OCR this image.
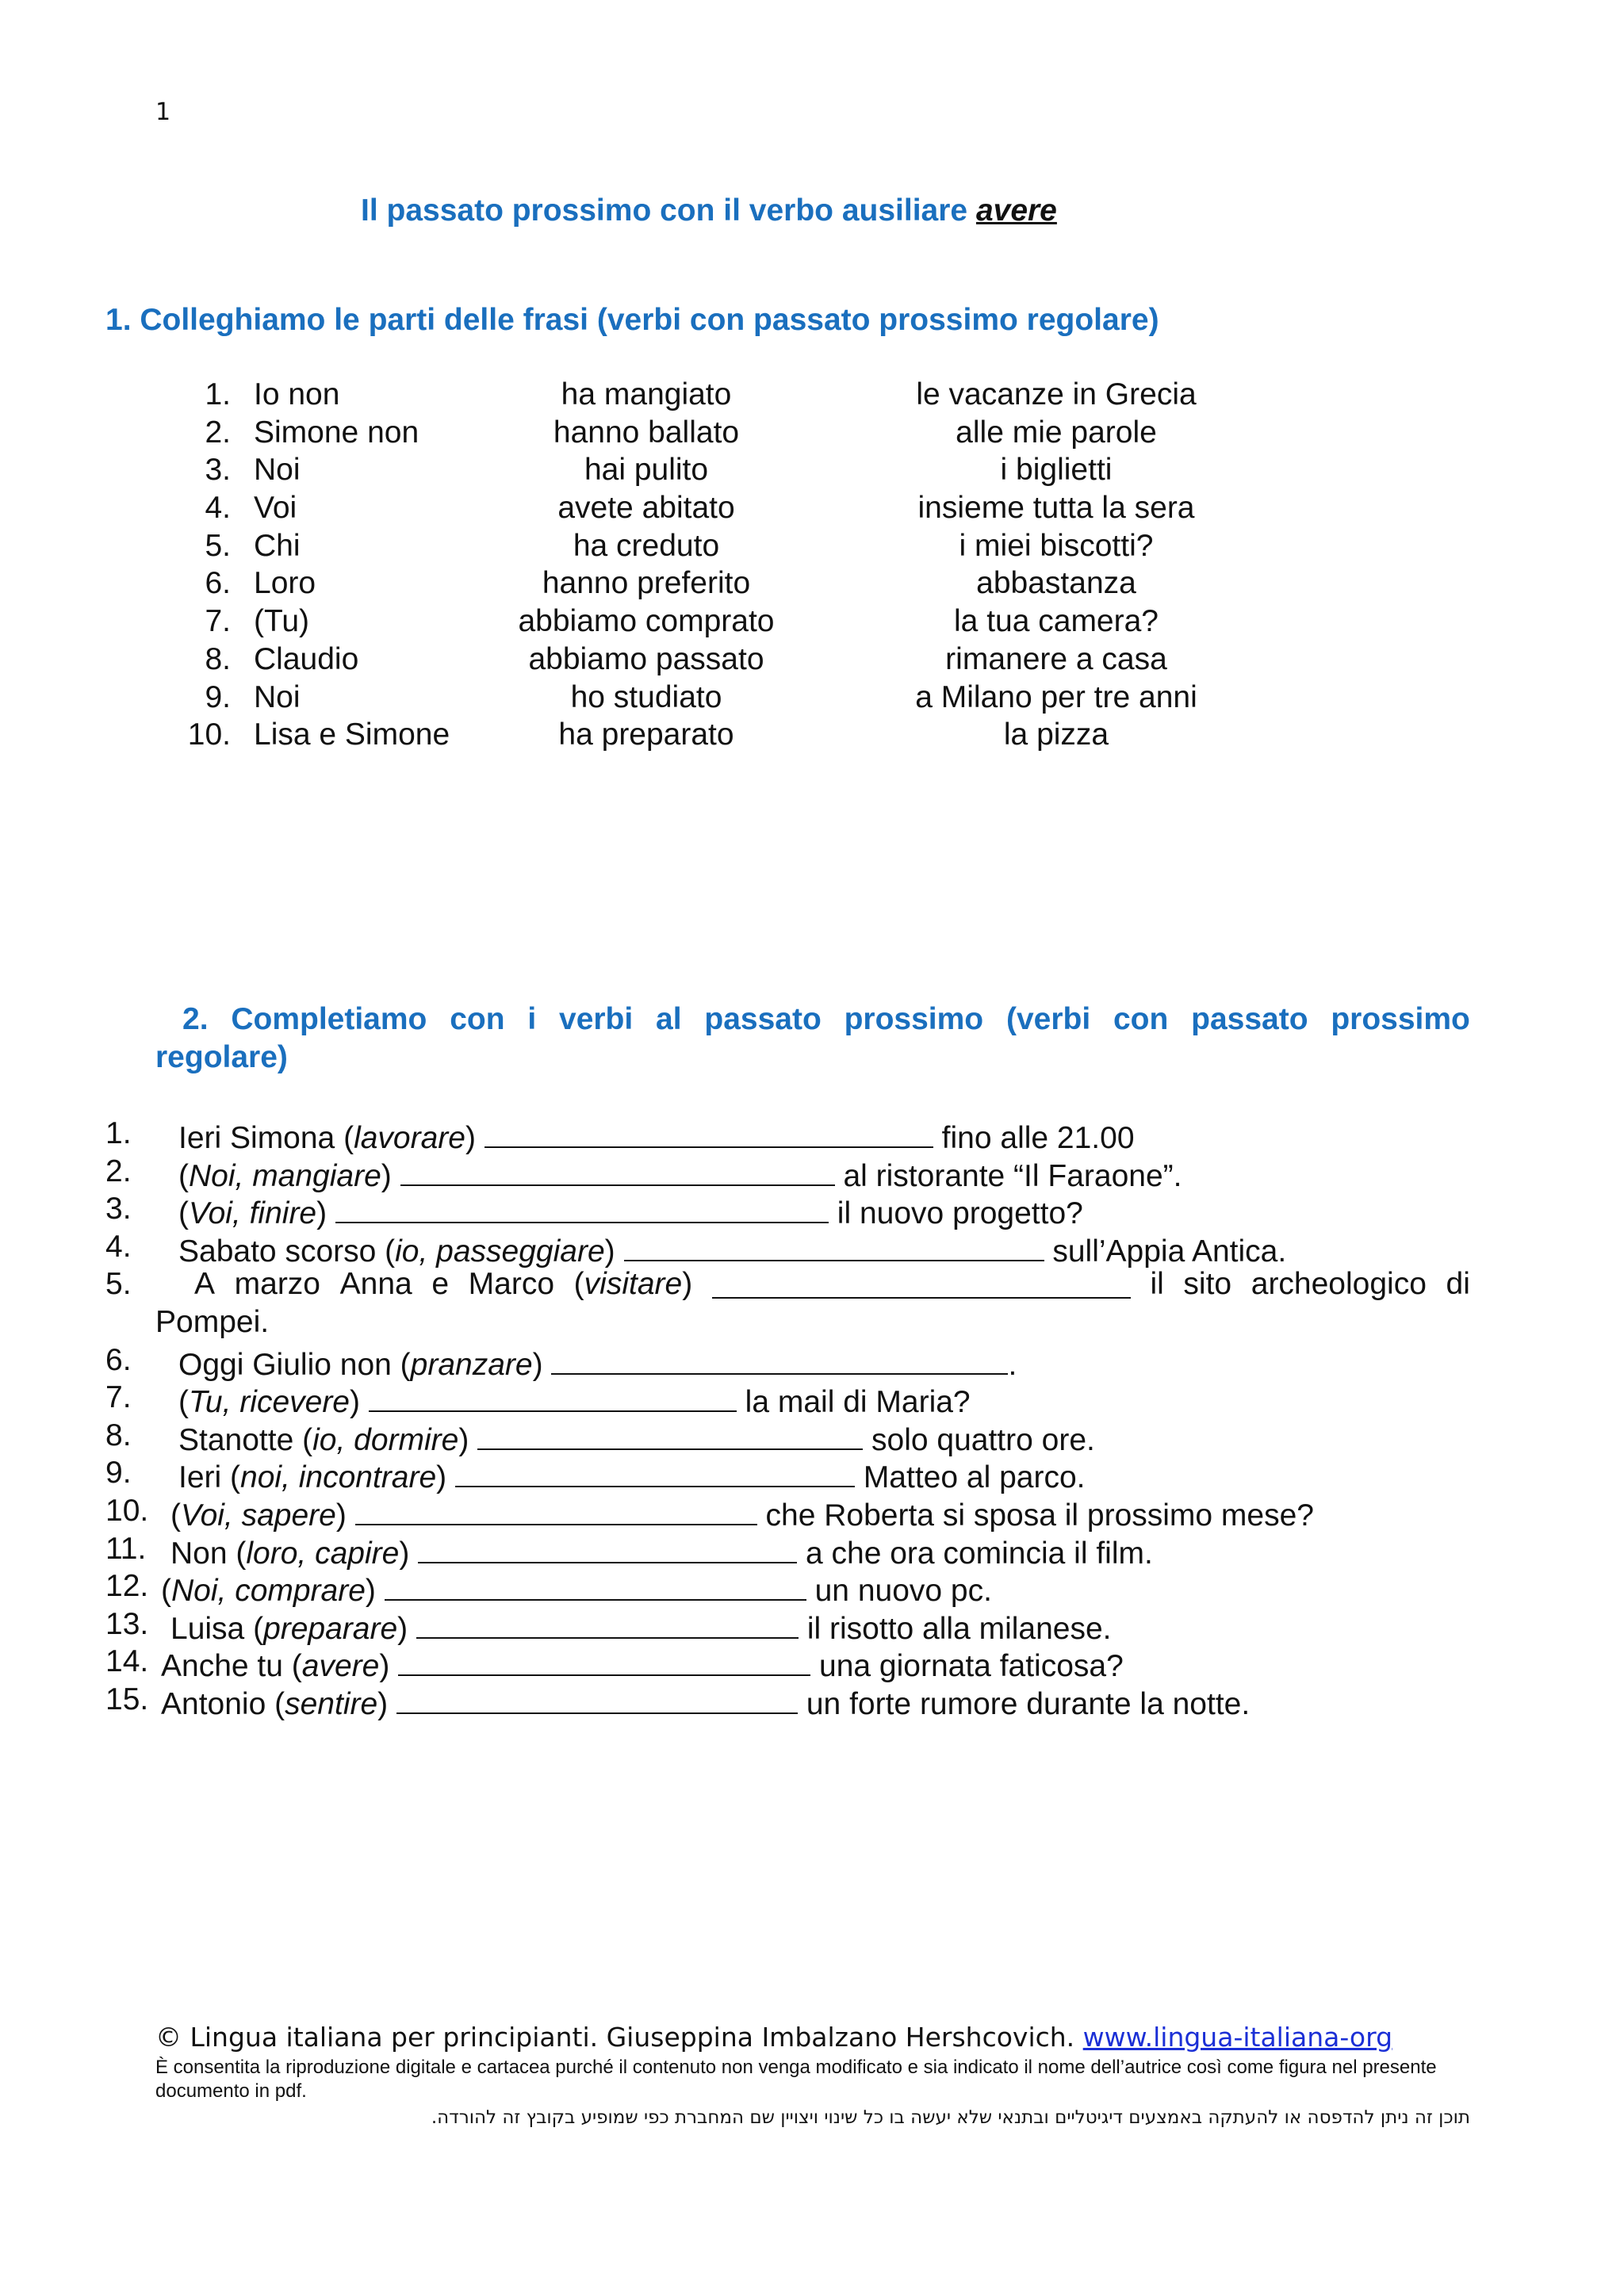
1
Il passato prossimo con il verbo ausiliare avere
1. Colleghiamo le parti delle frasi (verbi con passato prossimo regolare)
1. Io non	ha mangiato	le vacanze in Grecia
2. Simone non	hanno ballato	alle mie parole
3. Noi	hai pulito	i biglietti
4. Voi	avete abitato	insieme tutta la sera
5. Chi	ha creduto	i miei biscotti?
6. Loro	hanno preferito	abbastanza
7. (Tu)	abbiamo comprato	la tua camera?
8. Claudio	abbiamo passato	rimanere a casa
9. Noi	ho studiato	a Milano per tre anni
10. Lisa e Simone	ha preparato	la pizza
2. Completiamo con i verbi al passato prossimo (verbi con passato prossimo
regolare)
1. Ieri Simona (lavorare)	fino alle 21.00
2. (Noi, mangiare)	al ristorante “Il Faraone”.
3. (Voi, finire)	il nuovo progetto?
4. Sabato scorso (io, passeggiare)	sull’Appia Antica.
5. A marzo Anna e Marco (visitare)	il sito archeologico di
Pompei.
6. Oggi Giulio non (pranzare)	.
7. (Tu, ricevere)	la mail di Maria?
8. Stanotte (io, dormire)	solo quattro ore.
9. Ieri (noi, incontrare)	Matteo al parco.
10. (Voi, sapere)	che Roberta si sposa il prossimo mese?
11. Non (loro, capire)	a che ora comincia il film.
12. (Noi, comprare)	un nuovo pc.
13. Luisa (preparare)	il risotto alla milanese.
14. Anche tu (avere)	una giornata faticosa?
15. Antonio (sentire)	un forte rumore durante la notte.
© Lingua italiana per principianti. Giuseppina Imbalzano Hershcovich. www.lingua-italiana-org
È consentita la riproduzione digitale e cartacea purché il contenuto non venga modificato e sia indicato il nome dell’autrice così come figura nel presente documento in pdf.
תוכן זה ניתן להדפסה או להעתקה באמצעים דיגיטליים ובתנאי שלא יעשה בו כל שינוי ויצויין שם המחברת כפי שמופיע בקובץ זה להורדה.
